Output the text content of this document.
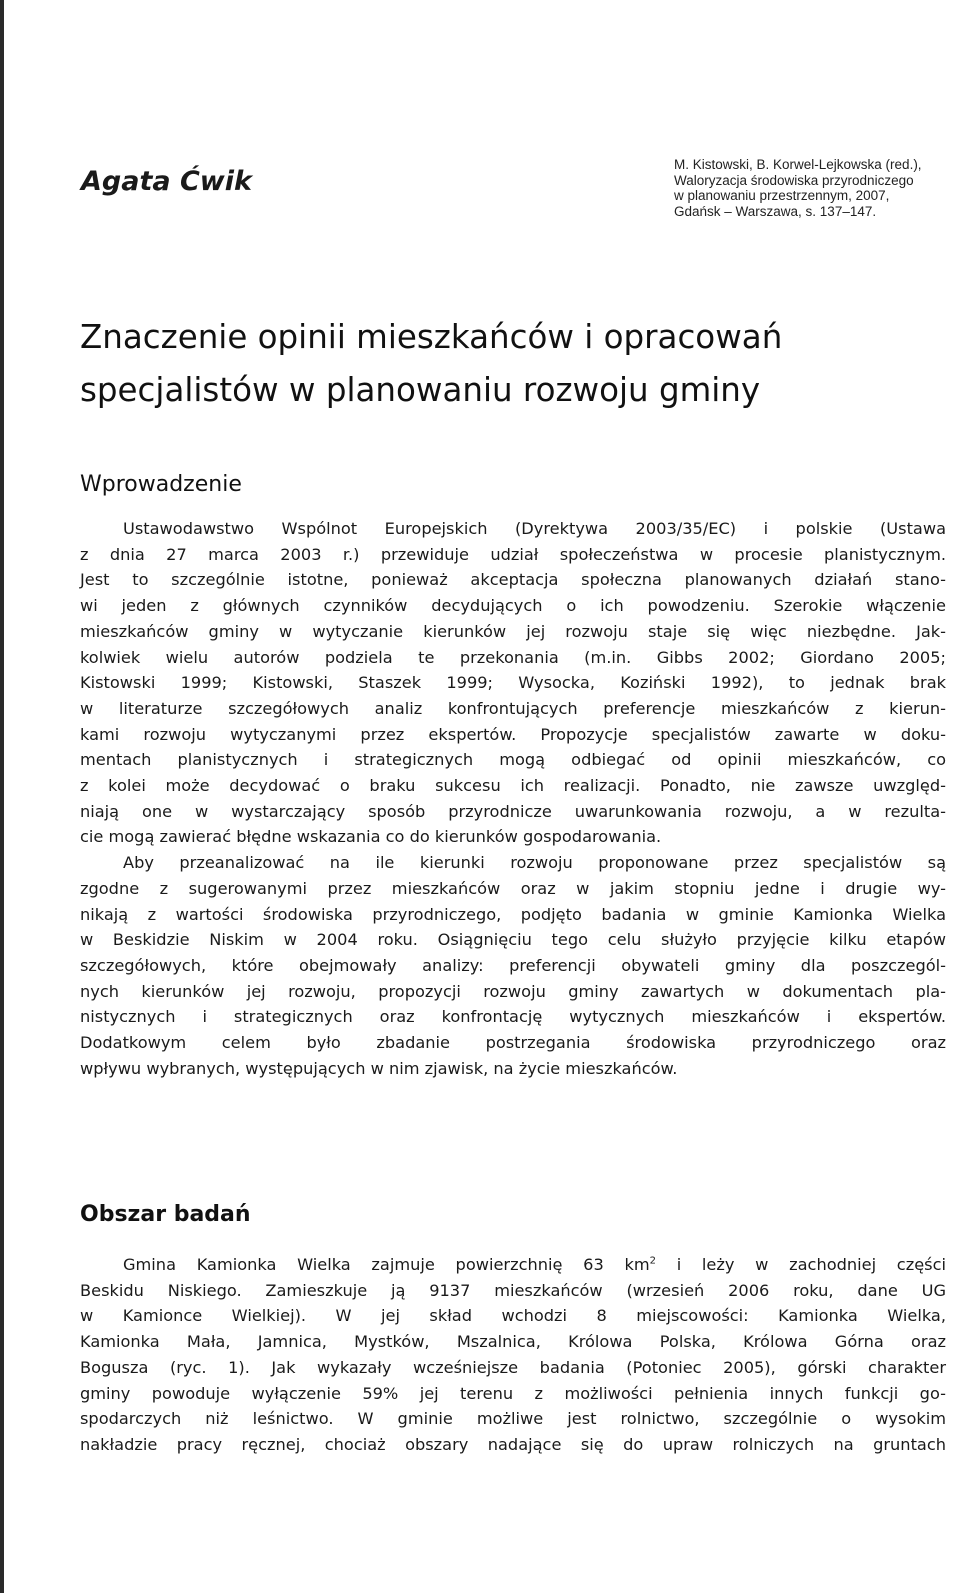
Agata Ćwik
M. Kistowski, B. Korwel-Lejkowska (red.),
Waloryzacja środowiska przyrodniczego
w planowaniu przestrzennym, 2007,
Gdańsk – Warszawa, s. 137–147.
Znaczenie opinii mieszkańców i opracowań
specjalistów w planowaniu rozwoju gminy
Wprowadzenie
Ustawodawstwo Wspólnot Europejskich (Dyrektywa 2003/35/EC) i polskie (Ustawa
z dnia 27 marca 2003 r.) przewiduje udział społeczeństwa w procesie planistycznym.
Jest to szczególnie istotne, ponieważ akceptacja społeczna planowanych działań stano-
wi jeden z głównych czynników decydujących o ich powodzeniu. Szerokie włączenie
mieszkańców gminy w wytyczanie kierunków jej rozwoju staje się więc niezbędne. Jak-
kolwiek wielu autorów podziela te przekonania (m.in. Gibbs 2002; Giordano 2005;
Kistowski 1999; Kistowski, Staszek 1999; Wysocka, Koziński 1992), to jednak brak
w literaturze szczegółowych analiz konfrontujących preferencje mieszkańców z kierun-
kami rozwoju wytyczanymi przez ekspertów. Propozycje specjalistów zawarte w doku-
mentach planistycznych i strategicznych mogą odbiegać od opinii mieszkańców, co
z kolei może decydować o braku sukcesu ich realizacji. Ponadto, nie zawsze uwzględ-
niają one w wystarczający sposób przyrodnicze uwarunkowania rozwoju, a w rezulta-
cie mogą zawierać błędne wskazania co do kierunków gospodarowania.
Aby przeanalizować na ile kierunki rozwoju proponowane przez specjalistów są
zgodne z sugerowanymi przez mieszkańców oraz w jakim stopniu jedne i drugie wy-
nikają z wartości środowiska przyrodniczego, podjęto badania w gminie Kamionka Wielka
w Beskidzie Niskim w 2004 roku. Osiągnięciu tego celu służyło przyjęcie kilku etapów
szczegółowych, które obejmowały analizy: preferencji obywateli gminy dla poszczegól-
nych kierunków jej rozwoju, propozycji rozwoju gminy zawartych w dokumentach pla-
nistycznych i strategicznych oraz konfrontację wytycznych mieszkańców i ekspertów.
Dodatkowym celem było zbadanie postrzegania środowiska przyrodniczego oraz
wpływu wybranych, występujących w nim zjawisk, na życie mieszkańców.
Obszar badań
Gmina Kamionka Wielka zajmuje powierzchnię 63 $km^2$ i leży w zachodniej części
Beskidu Niskiego. Zamieszkuje ją 9137 mieszkańców (wrzesień 2006 roku, dane UG
w Kamionce Wielkiej). W jej skład wchodzi 8 miejscowości: Kamionka Wielka,
Kamionka Mała, Jamnica, Mystków, Mszalnica, Królowa Polska, Królowa Górna oraz
Bogusza (ryc. 1). Jak wykazały wcześniejsze badania (Potoniec 2005), górski charakter
gminy powoduje wyłączenie 59% jej terenu z możliwości pełnienia innych funkcji go-
spodarczych niż leśnictwo. W gminie możliwe jest rolnictwo, szczególnie o wysokim
nakładzie pracy ręcznej, chociaż obszary nadające się do upraw rolniczych na gruntach
